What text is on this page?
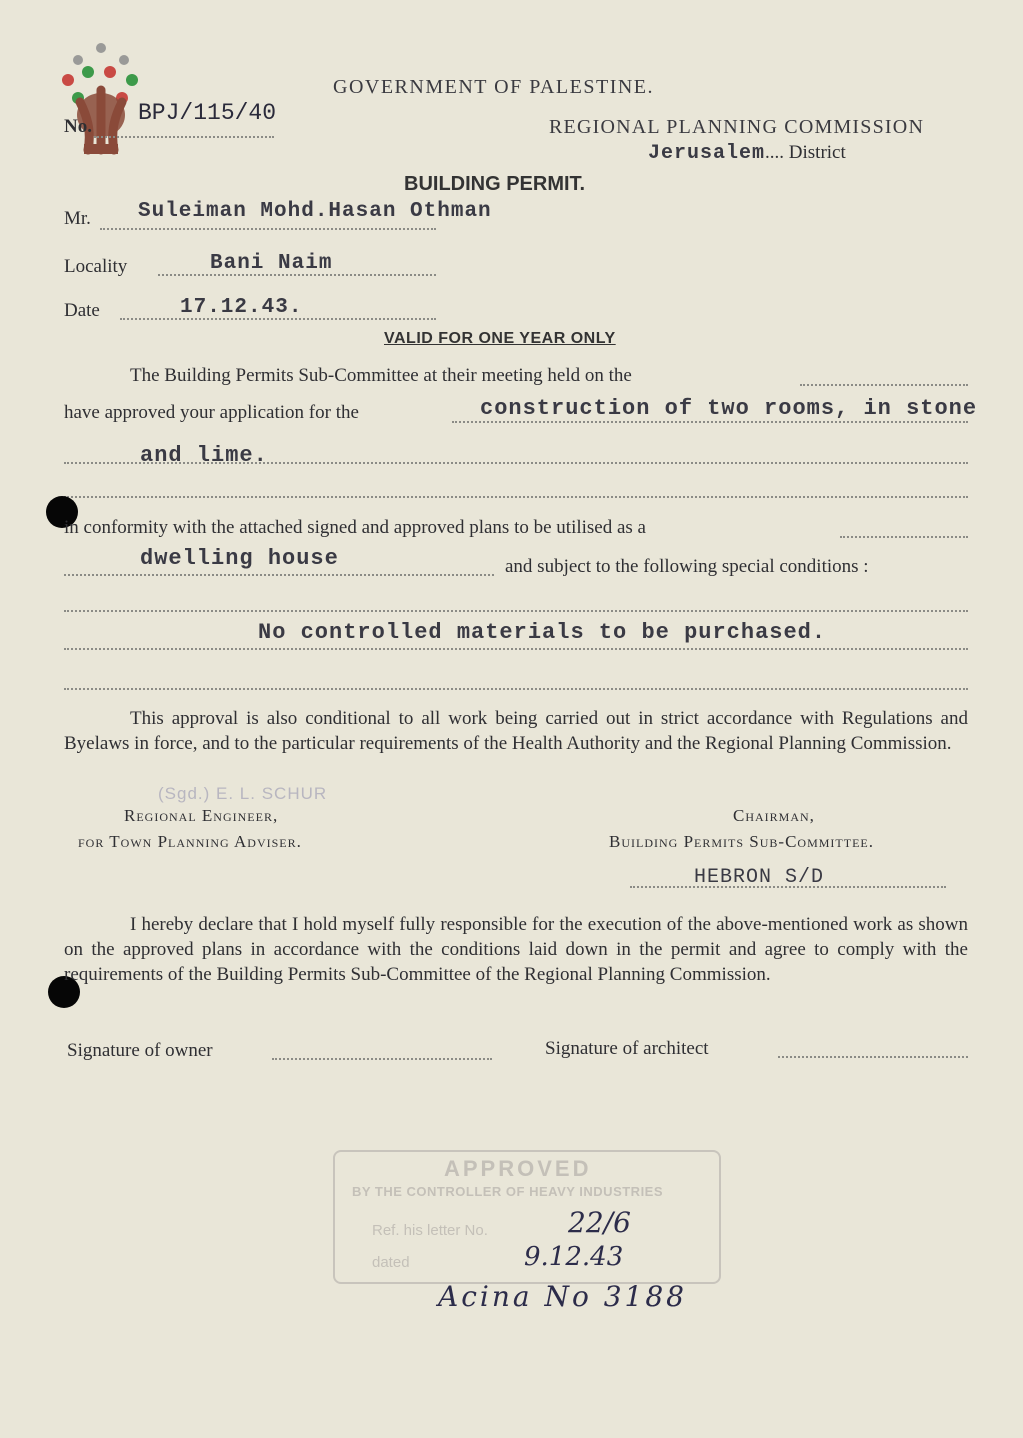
GOVERNMENT OF PALESTINE.
No.
BPJ/115/40
REGIONAL PLANNING COMMISSION
Jerusalem.... District
BUILDING PERMIT.
Mr. Suleiman Mohd.Hasan Othman
Locality	Bani Naim
Date	17.12.43.
VALID FOR ONE YEAR ONLY
The Building Permits Sub-Committee at their meeting held on the
have approved your application for the	construction of two rooms, in stone
and lime.
in conformity with the attached signed and approved plans to be utilised as a
dwelling house	and subject to the following special conditions :
No controlled materials to be purchased.
This approval is also conditional to all work being carried out in strict accordance with Regulations and Byelaws in force, and to the particular requirements of the Health Authority and the Regional Planning Commission.
(Sgd.) E. L. SCHUR
Regional Engineer,
for Town Planning Adviser.
Chairman,
Building Permits Sub-Committee.
HEBRON S/D
I hereby declare that I hold myself fully responsible for the execution of the above-mentioned work as shown on the approved plans in accordance with the conditions laid down in the permit and agree to comply with the requirements of the Building Permits Sub-Committee of the Regional Planning Commission.
Signature of owner	Signature of architect
APPROVED
BY THE CONTROLLER OF HEAVY INDUSTRIES
Ref. his letter No.	22/6
dated	9.12.43
Acina No 3188
